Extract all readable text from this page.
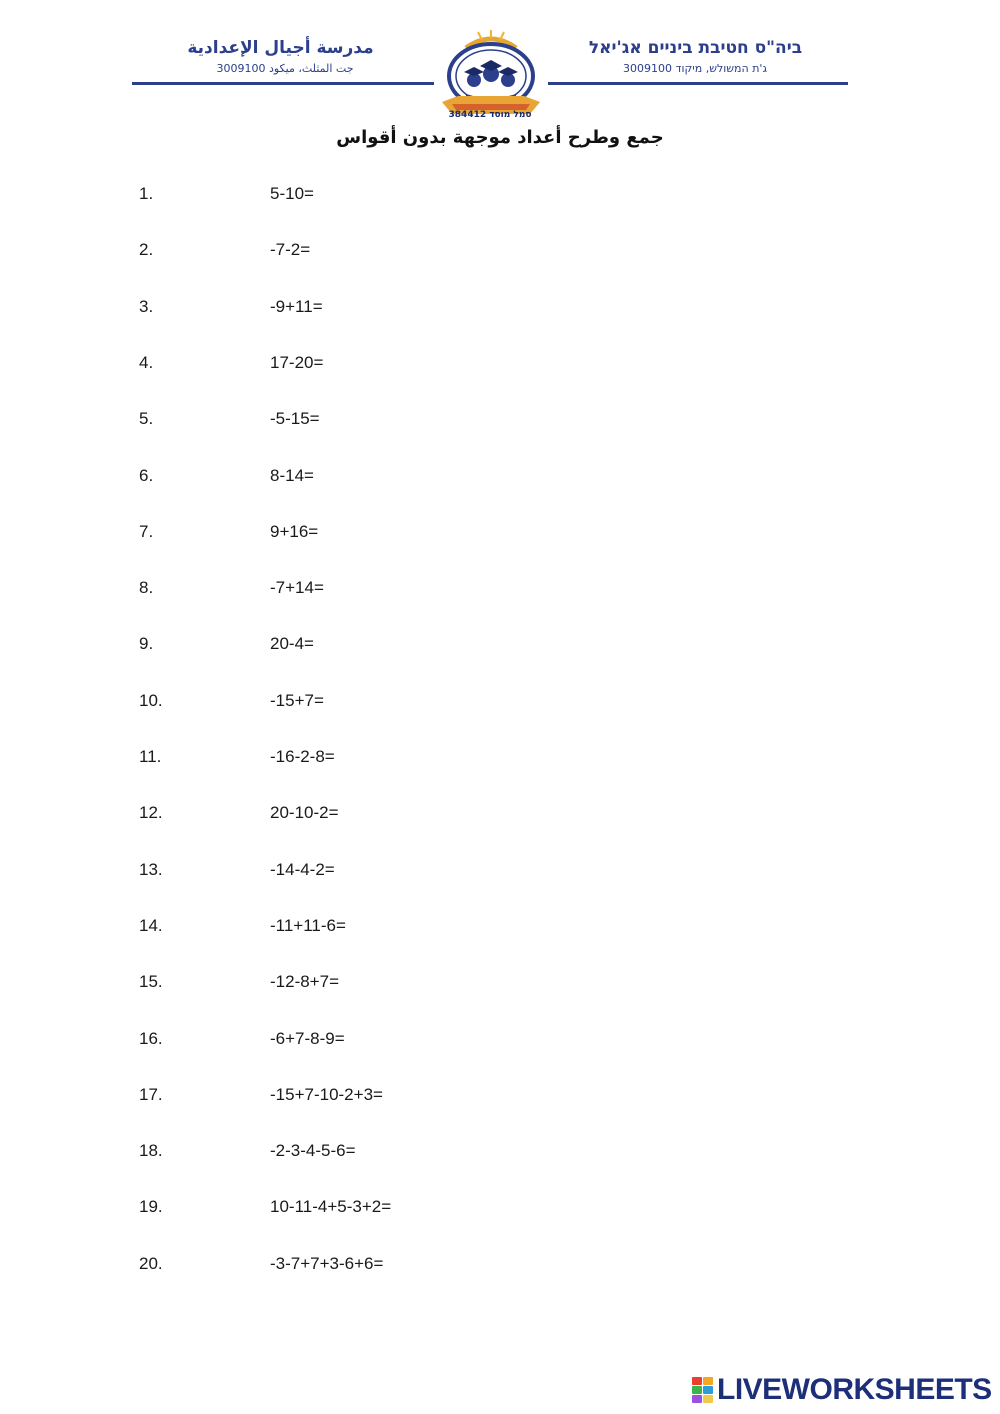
مدرسة أجيال الإعدادية
جت المثلث، ميكود 3009100
סמל מוסד 384412
ביה"ס חטיבת ביניים אג'יאל
ג'ת המשולש, מיקוד 3009100
جمع وطرح أعداد موجهة بدون أقواس
1.	5-10=
2.	-7-2=
3.	-9+11=
4.	17-20=
5.	-5-15=
6.	8-14=
7.	9+16=
8.	-7+14=
9.	20-4=
10.	-15+7=
11.	-16-2-8=
12.	20-10-2=
13.	-14-4-2=
14.	-11+11-6=
15.	-12-8+7=
16.	-6+7-8-9=
17.	-15+7-10-2+3=
18.	-2-3-4-5-6=
19.	10-11-4+5-3+2=
20.	-3-7+7+3-6+6=
LIVEWORKSHEETS
